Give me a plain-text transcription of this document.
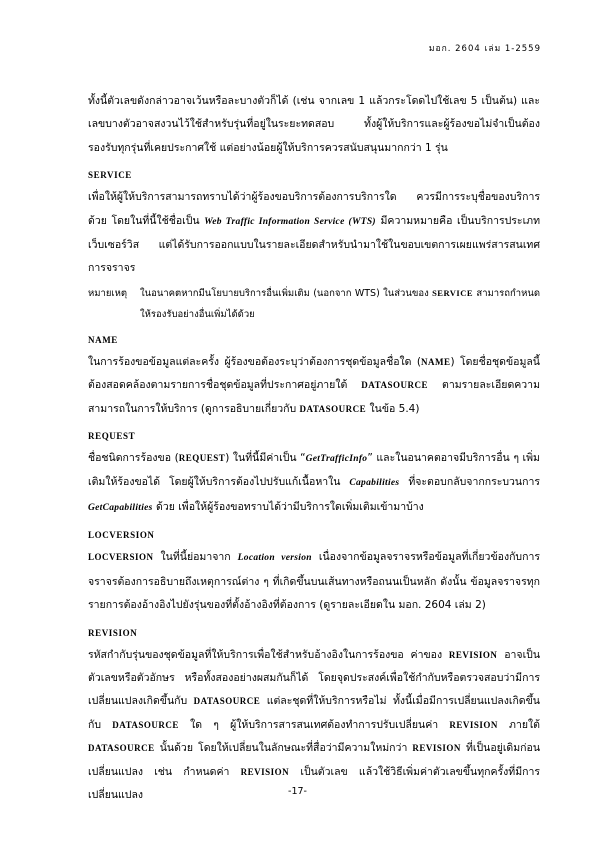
มอก. 2604 เล่ม 1-2559

ทั้งนี้ตัวเลขดังกล่าวอาจเว้นหรือละบางตัวก็ได้ (เช่น จากเลข 1 แล้วกระโดดไปใช้เลข 5 เป็นต้น) และเลขบางตัวอาจสงวนไว้ใช้สำหรับรุ่นที่อยู่ในระยะทดสอบ ทั้งผู้ให้บริการและผู้ร้องขอไม่จำเป็นต้องรองรับทุกรุ่นที่เคยประกาศใช้ แต่อย่างน้อยผู้ให้บริการควรสนับสนุนมากกว่า 1 รุ่น

SERVICE

เพื่อให้ผู้ให้บริการสามารถทราบได้ว่าผู้ร้องขอบริการต้องการบริการใด ควรมีการระบุชื่อของบริการด้วย โดยในที่นี้ใช้ชื่อเป็น Web Traffic Information Service (WTS) มีความหมายคือ เป็นบริการประเภทเว็บเซอร์วิส แต่ได้รับการออกแบบในรายละเอียดสำหรับนำมาใช้ในขอบเขตการเผยแพร่สารสนเทศการจราจร

หมายเหตุ	ในอนาคตหากมีนโยบายบริการอื่นเพิ่มเติม (นอกจาก WTS) ในส่วนของ SERVICE สามารถกำหนดให้รองรับอย่างอื่นเพิ่มได้ด้วย
NAME

ในการร้องขอข้อมูลแต่ละครั้ง ผู้ร้องขอต้องระบุว่าต้องการชุดข้อมูลชื่อใด (NAME) โดยชื่อชุดข้อมูลนี้ต้องสอดคล้องตามรายการชื่อชุดข้อมูลที่ประกาศอยู่ภายใต้ DATASOURCE ตามรายละเอียดความสามารถในการให้บริการ (ดูการอธิบายเกี่ยวกับ DATASOURCE ในข้อ 5.4)

REQUEST

ชื่อชนิดการร้องขอ (REQUEST) ในที่นี้มีค่าเป็น “GetTrafficInfo” และในอนาคตอาจมีบริการอื่น ๆ เพิ่มเติมให้ร้องขอได้ โดยผู้ให้บริการต้องไปปรับแก้เนื้อหาใน Capabilities ที่จะตอบกลับจากกระบวนการ GetCapabilities ด้วย เพื่อให้ผู้ร้องขอทราบได้ว่ามีบริการใดเพิ่มเติมเข้ามาบ้าง

LOCVERSION

LOCVERSION ในที่นี้ย่อมาจาก Location version เนื่องจากข้อมูลจราจรหรือข้อมูลที่เกี่ยวข้องกับการจราจรต้องการอธิบายถึงเหตุการณ์ต่าง ๆ ที่เกิดขึ้นบนเส้นทางหรือถนนเป็นหลัก ดังนั้น ข้อมูลจราจรทุกรายการต้องอ้างอิงไปยังรุ่นของที่ตั้งอ้างอิงที่ต้องการ (ดูรายละเอียดใน มอก. 2604 เล่ม 2)

REVISION

รหัสกำกับรุ่นของชุดข้อมูลที่ให้บริการเพื่อใช้สำหรับอ้างอิงในการร้องขอ ค่าของ REVISION อาจเป็นตัวเลขหรือตัวอักษร หรือทั้งสองอย่างผสมกันก็ได้ โดยจุดประสงค์เพื่อใช้กำกับหรือตรวจสอบว่ามีการเปลี่ยนแปลงเกิดขึ้นกับ DATASOURCE แต่ละชุดที่ให้บริการหรือไม่ ทั้งนี้เมื่อมีการเปลี่ยนแปลงเกิดขึ้นกับ DATASOURCE ใด ๆ ผู้ให้บริการสารสนเทศต้องทำการปรับเปลี่ยนค่า REVISION ภายใต้ DATASOURCE นั้นด้วย โดยให้เปลี่ยนในลักษณะที่สื่อว่ามีความใหม่กว่า REVISION ที่เป็นอยู่เดิมก่อนเปลี่ยนแปลง เช่น กำหนดค่า REVISION เป็นตัวเลข แล้วใช้วิธีเพิ่มค่าตัวเลขขึ้นทุกครั้งที่มีการเปลี่ยนแปลง	-17-
